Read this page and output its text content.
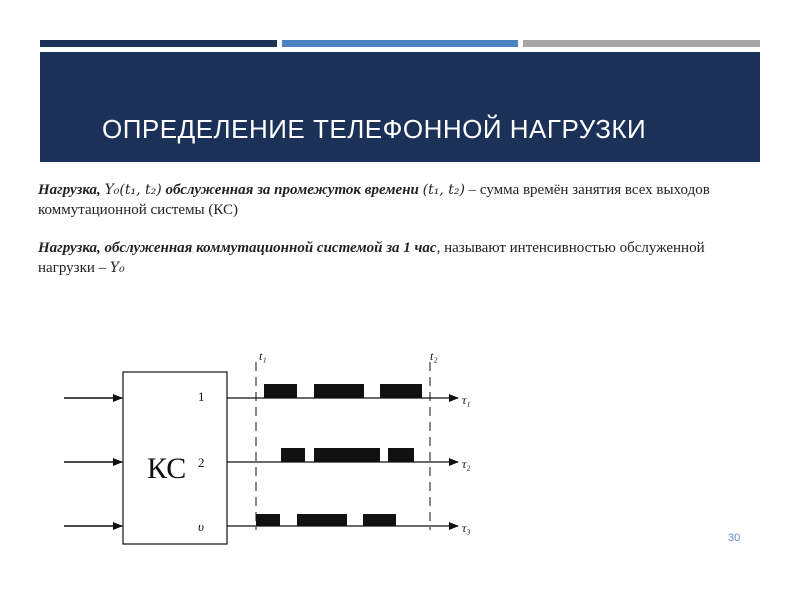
ОПРЕДЕЛЕНИЕ ТЕЛЕФОННОЙ НАГРУЗКИ

Нагрузка, Y₀(t₁, t₂) обслуженная за промежуток времени (t₁, t₂) – сумма времён занятия всех выходов коммутационной системы (КС)

Нагрузка, обслуженная коммутационной системой за 1 час, называют интенсивностью обслуженной нагрузки – Y₀

КС
1
2
υ
t₁	t₂
τ₁
τ₂
τ₃
30
